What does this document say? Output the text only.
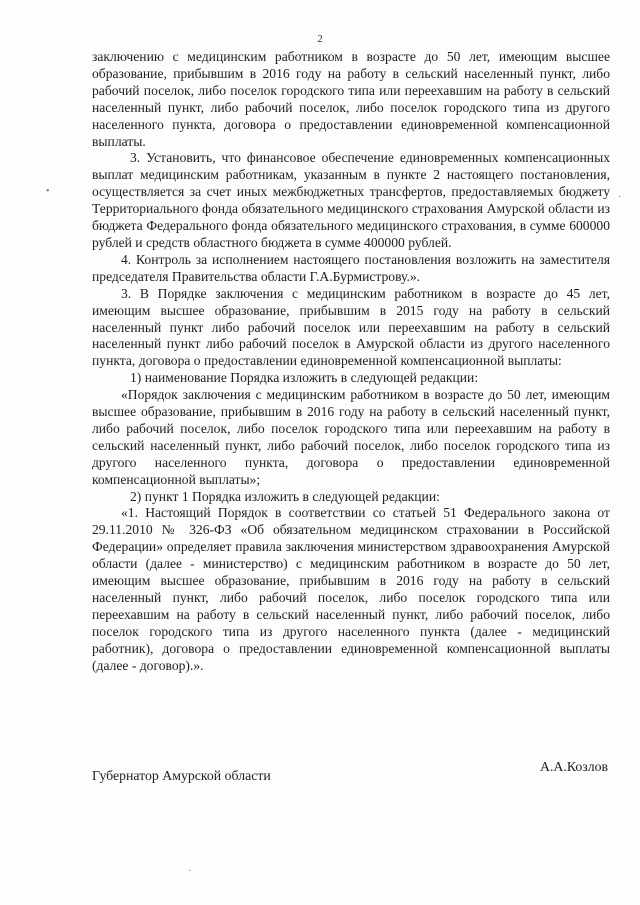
2

заключению с медицинским работником в возрасте до 50 лет, имеющим высшее образование, прибывшим в 2016 году на работу в сельский населенный пункт, либо рабочий поселок, либо поселок городского типа или переехавшим на работу в сельский населенный пункт, либо рабочий поселок, либо поселок городского типа из другого населенного пункта, договора о предоставлении единовременной компенсационной выплаты.

3. Установить, что финансовое обеспечение единовременных компенсационных выплат медицинским работникам, указанным в пункте 2 настоящего постановления, осуществляется за счет иных межбюджетных трансфертов, предоставляемых бюджету Территориального фонда обязательного медицинского страхования Амурской области из бюджета Федерального фонда обязательного медицинского страхования, в сумме 600000 рублей и средств областного бюджета в сумме 400000 рублей.

4. Контроль за исполнением настоящего постановления возложить на заместителя председателя Правительства области Г.А.Бурмистрову.».

3. В Порядке заключения с медицинским работником в возрасте до 45 лет, имеющим высшее образование, прибывшим в 2015 году на работу в сельский населенный пункт либо рабочий поселок или переехавшим на работу в сельский населенный пункт либо рабочий поселок в Амурской области из другого населенного пункта, договора о предоставлении единовременной компенсационной выплаты:

1) наименование Порядка изложить в следующей редакции:

«Порядок заключения с медицинским работником в возрасте до 50 лет, имеющим высшее образование, прибывшим в 2016 году на работу в сельский населенный пункт, либо рабочий поселок, либо поселок городского типа или переехавшим на работу в сельский населенный пункт, либо рабочий поселок, либо поселок городского типа из другого населенного пункта, договора о предоставлении единовременной компенсационной выплаты»;

2) пункт 1 Порядка изложить в следующей редакции:

«1. Настоящий Порядок в соответствии со статьей 51 Федерального закона от 29.11.2010 № 326-ФЗ «Об обязательном медицинском страховании в Российской Федерации» определяет правила заключения министерством здравоохранения Амурской области (далее - министерство) с медицинским работником в возрасте до 50 лет, имеющим высшее образование, прибывшим в 2016 году на работу в сельский населенный пункт, либо рабочий поселок, либо поселок городского типа или переехавшим на работу в сельский населенный пункт, либо рабочий поселок, либо поселок городского типа из другого населенного пункта (далее - медицинский работник), договора о предоставлении единовременной компенсационной выплаты (далее - договор).».

Губернатор Амурской области
А.А.Козлов
•
·
·
